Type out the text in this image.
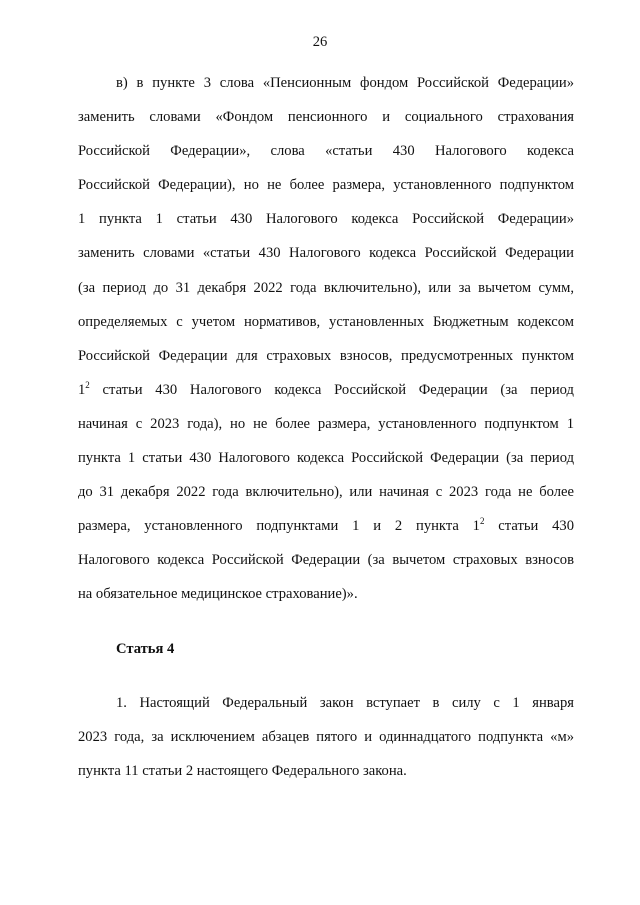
26
в) в пункте 3 слова «Пенсионным фондом Российской Федерации»
заменить словами «Фондом пенсионного и социального страхования
Российской Федерации», слова «статьи 430 Налогового кодекса
Российской Федерации), но не более размера, установленного подпунктом
1 пункта 1 статьи 430 Налогового кодекса Российской Федерации»
заменить словами «статьи 430 Налогового кодекса Российской Федерации
(за период до 31 декабря 2022 года включительно), или за вычетом сумм,
определяемых с учетом нормативов, установленных Бюджетным кодексом
Российской Федерации для страховых взносов, предусмотренных пунктом
$1^2$ статьи 430 Налогового кодекса Российской Федерации (за период
начиная с 2023 года), но не более размера, установленного подпунктом 1
пункта 1 статьи 430 Налогового кодекса Российской Федерации (за период
до 31 декабря 2022 года включительно), или начиная с 2023 года не более
размера, установленного подпунктами 1 и 2 пункта $1^2$ статьи 430
Налогового кодекса Российской Федерации (за вычетом страховых взносов
на обязательное медицинское страхование)».
Статья 4
1. Настоящий Федеральный закон вступает в силу с 1 января
2023 года, за исключением абзацев пятого и одиннадцатого подпункта «м»
пункта 11 статьи 2 настоящего Федерального закона.
